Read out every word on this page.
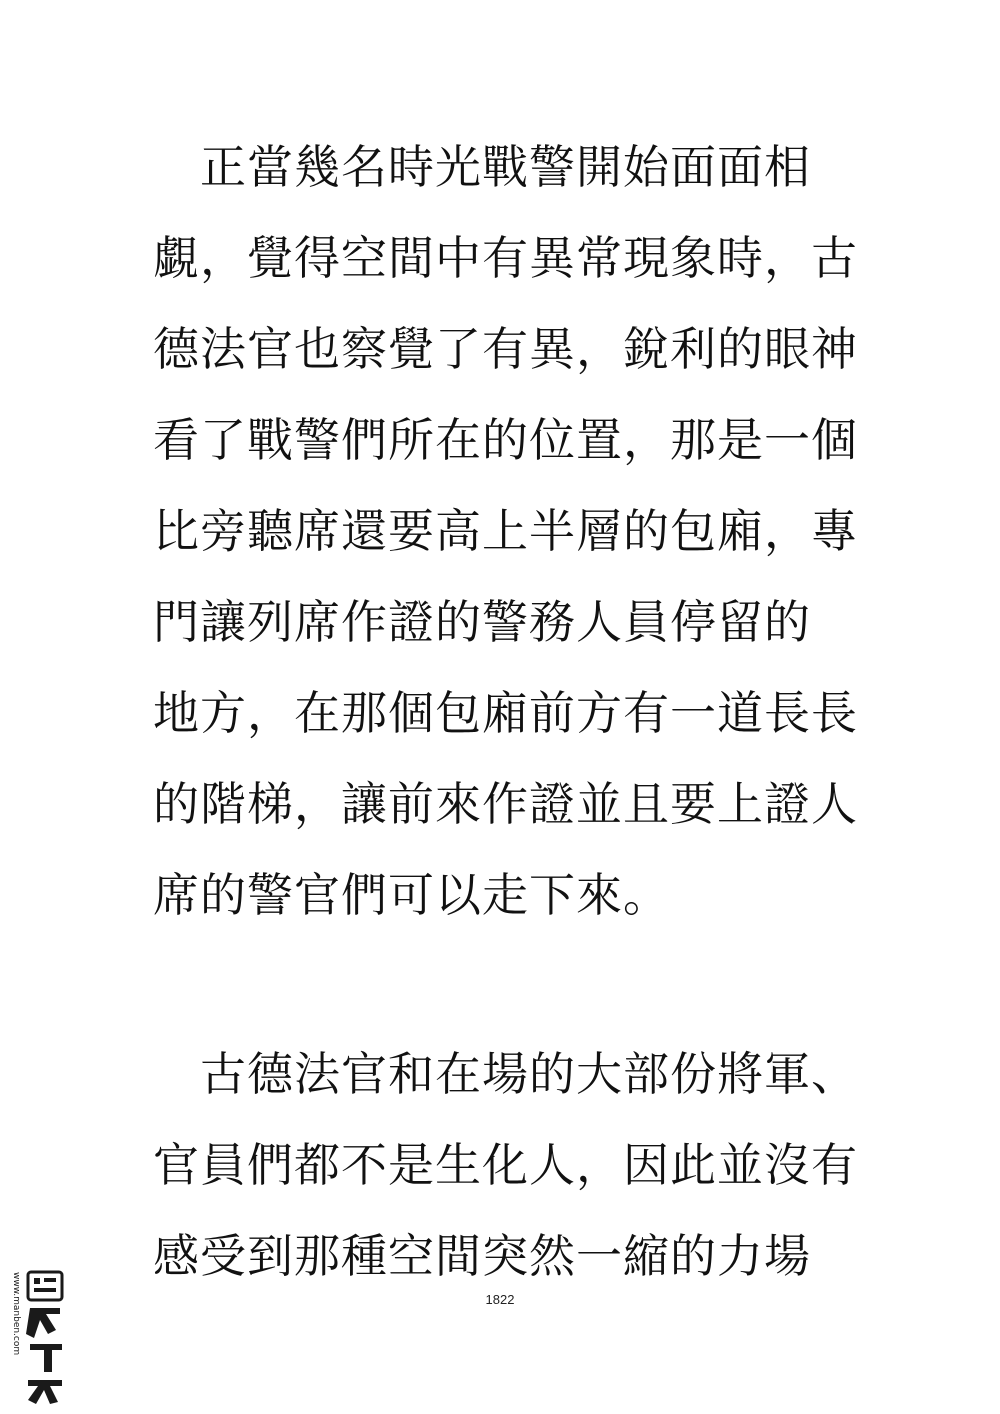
　正當幾名時光戰警開始面面相
覷，覺得空間中有異常現象時，古
德法官也察覺了有異，銳利的眼神
看了戰警們所在的位置，那是一個
比旁聽席還要高上半層的包廂，專
門讓列席作證的警務人員停留的
地方，在那個包廂前方有一道長長
的階梯，讓前來作證並且要上證人
席的警官們可以走下來。
　古德法官和在場的大部份將軍、
官員們都不是生化人，因此並沒有
感受到那種空間突然一縮的力場
1822
www.manben.com
漫本
